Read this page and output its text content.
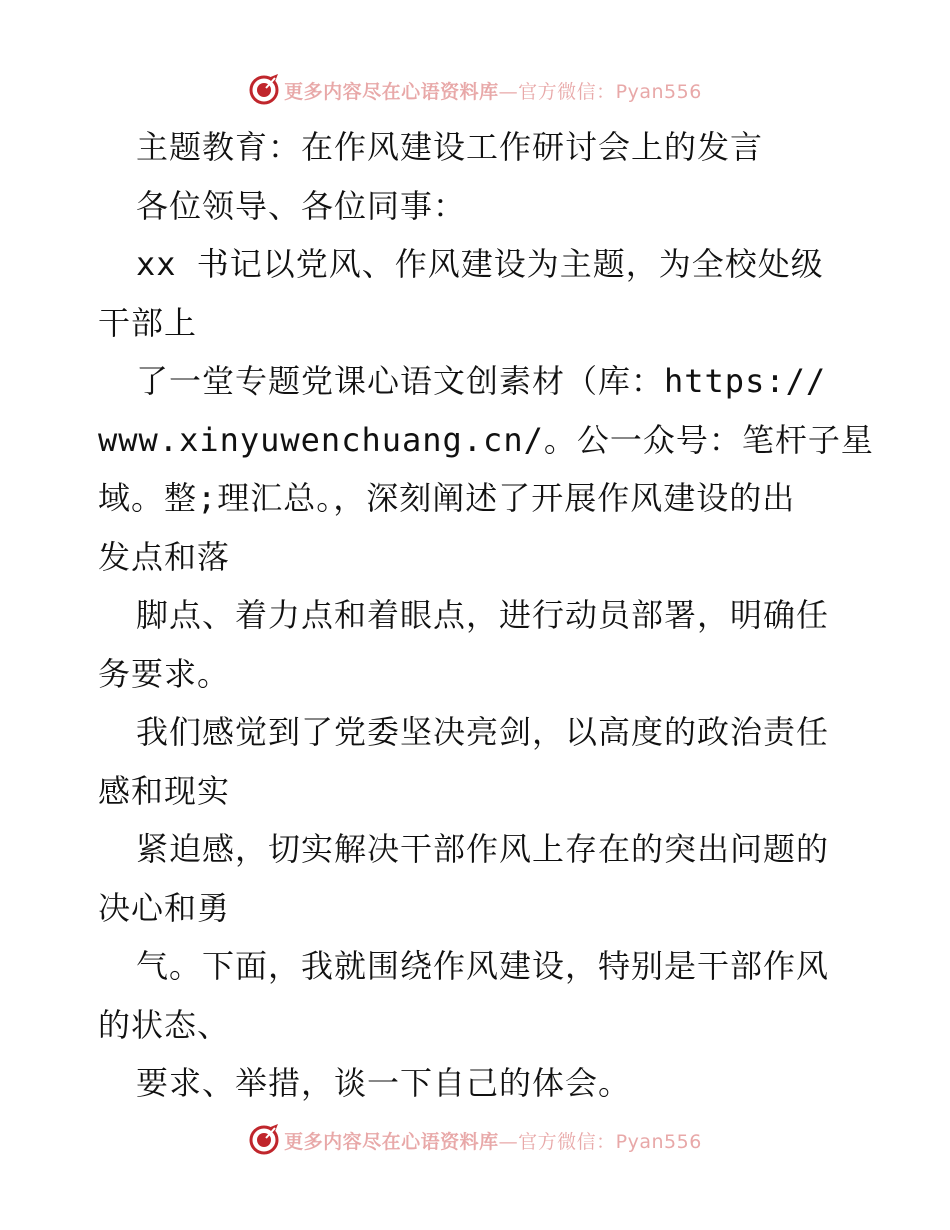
更多内容尽在心语资料库—官方微信：Pyan556
主题教育：在作风建设工作研讨会上的发言
各位领导、各位同事：
xx 书记以党风、作风建设为主题，为全校处级
干部上
了一堂专题党课心语文创素材（库：https://
www.xinyuwenchuang.cn/。公一众号：笔杆子星
域。整;理汇总。，深刻阐述了开展作风建设的出
发点和落
脚点、着力点和着眼点，进行动员部署，明确任
务要求。
我们感觉到了党委坚决亮剑，以高度的政治责任
感和现实
紧迫感，切实解决干部作风上存在的突出问题的
决心和勇
气。下面，我就围绕作风建设，特别是干部作风
的状态、
要求、举措，谈一下自己的体会。
更多内容尽在心语资料库—官方微信：Pyan556
